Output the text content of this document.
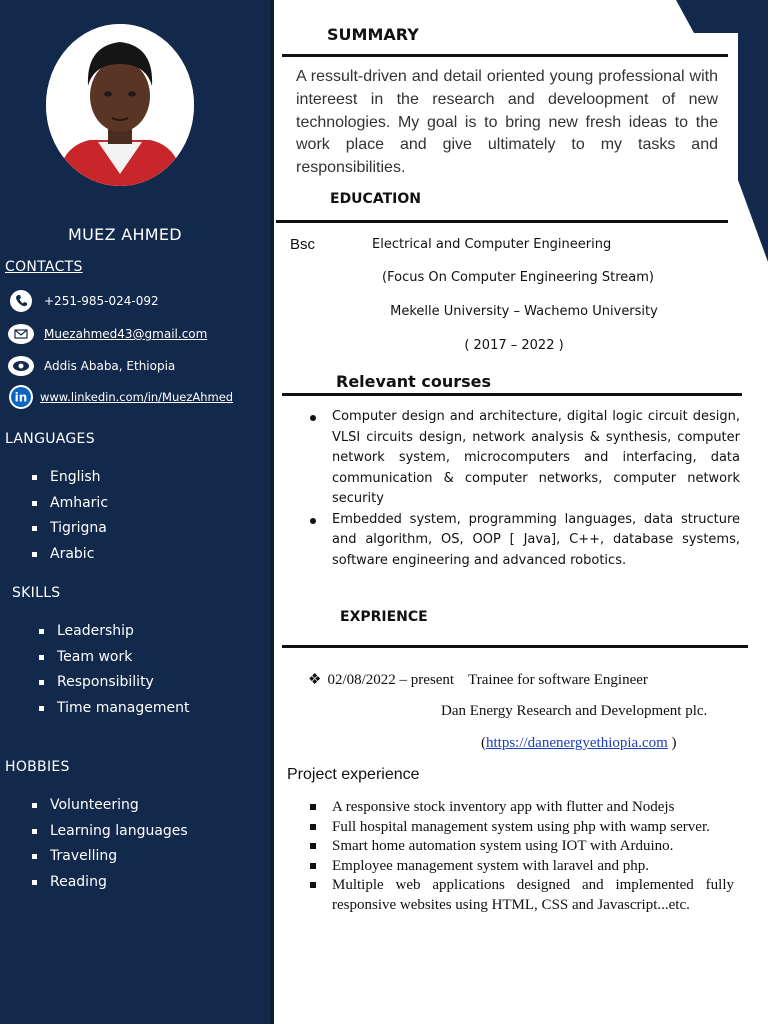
MUEZ AHMED
CONTACTS
+251-985-024-092
Muezahmed43@gmail.com
Addis Ababa, Ethiopia
in www.linkedin.com/in/MuezAhmed
LANGUAGES
English
Amharic
Tigrigna
Arabic
SKILLS
Leadership
Team work
Responsibility
Time management
HOBBIES
Volunteering
Learning languages
Travelling
Reading
SUMMARY
A ressult-driven and detail oriented young professional with intereest in the research and develoopment of new technologies. My goal is to bring new fresh ideas to the work place and give ultimately to my tasks and responsibilities.
EDUCATION
Bsc	Electrical and Computer Engineering
(Focus On Computer Engineering Stream)
Mekelle University – Wachemo University
( 2017 – 2022 )
Relevant courses
Computer design and architecture, digital logic circuit design, VLSI circuits design, network analysis & synthesis, computer network system, microcomputers and interfacing, data communication & computer networks, computer network security
Embedded system, programming languages, data structure and algorithm, OS, OOP [ Java], C++, database systems, software engineering and advanced robotics.
EXPRIENCE
❖ 02/08/2022 – present Trainee for software Engineer
Dan Energy Research and Development plc.
(https://danenergyethiopia.com )
Project experience
A responsive stock inventory app with flutter and Nodejs
Full hospital management system using php with wamp server.
Smart home automation system using IOT with Arduino.
Employee management system with laravel and php.
Multiple web applications designed and implemented fully responsive websites using HTML, CSS and Javascript...etc.
